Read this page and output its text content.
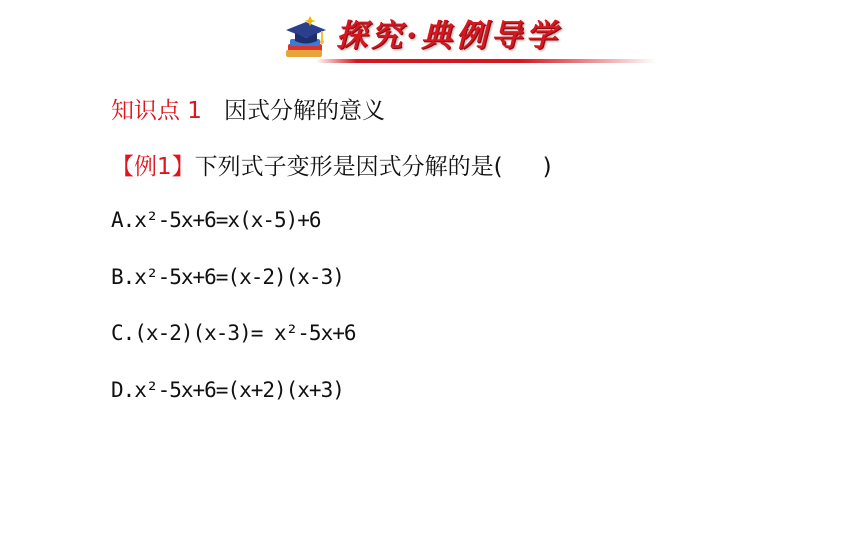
探究·典例导学
知识点 1 因式分解的意义
【例1】下列式子变形是因式分解的是( )
A.x²-5x+6=x(x-5)+6
B.x²-5x+6=(x-2)(x-3)
C.(x-2)(x-3)= x²-5x+6
D.x²-5x+6=(x+2)(x+3)
